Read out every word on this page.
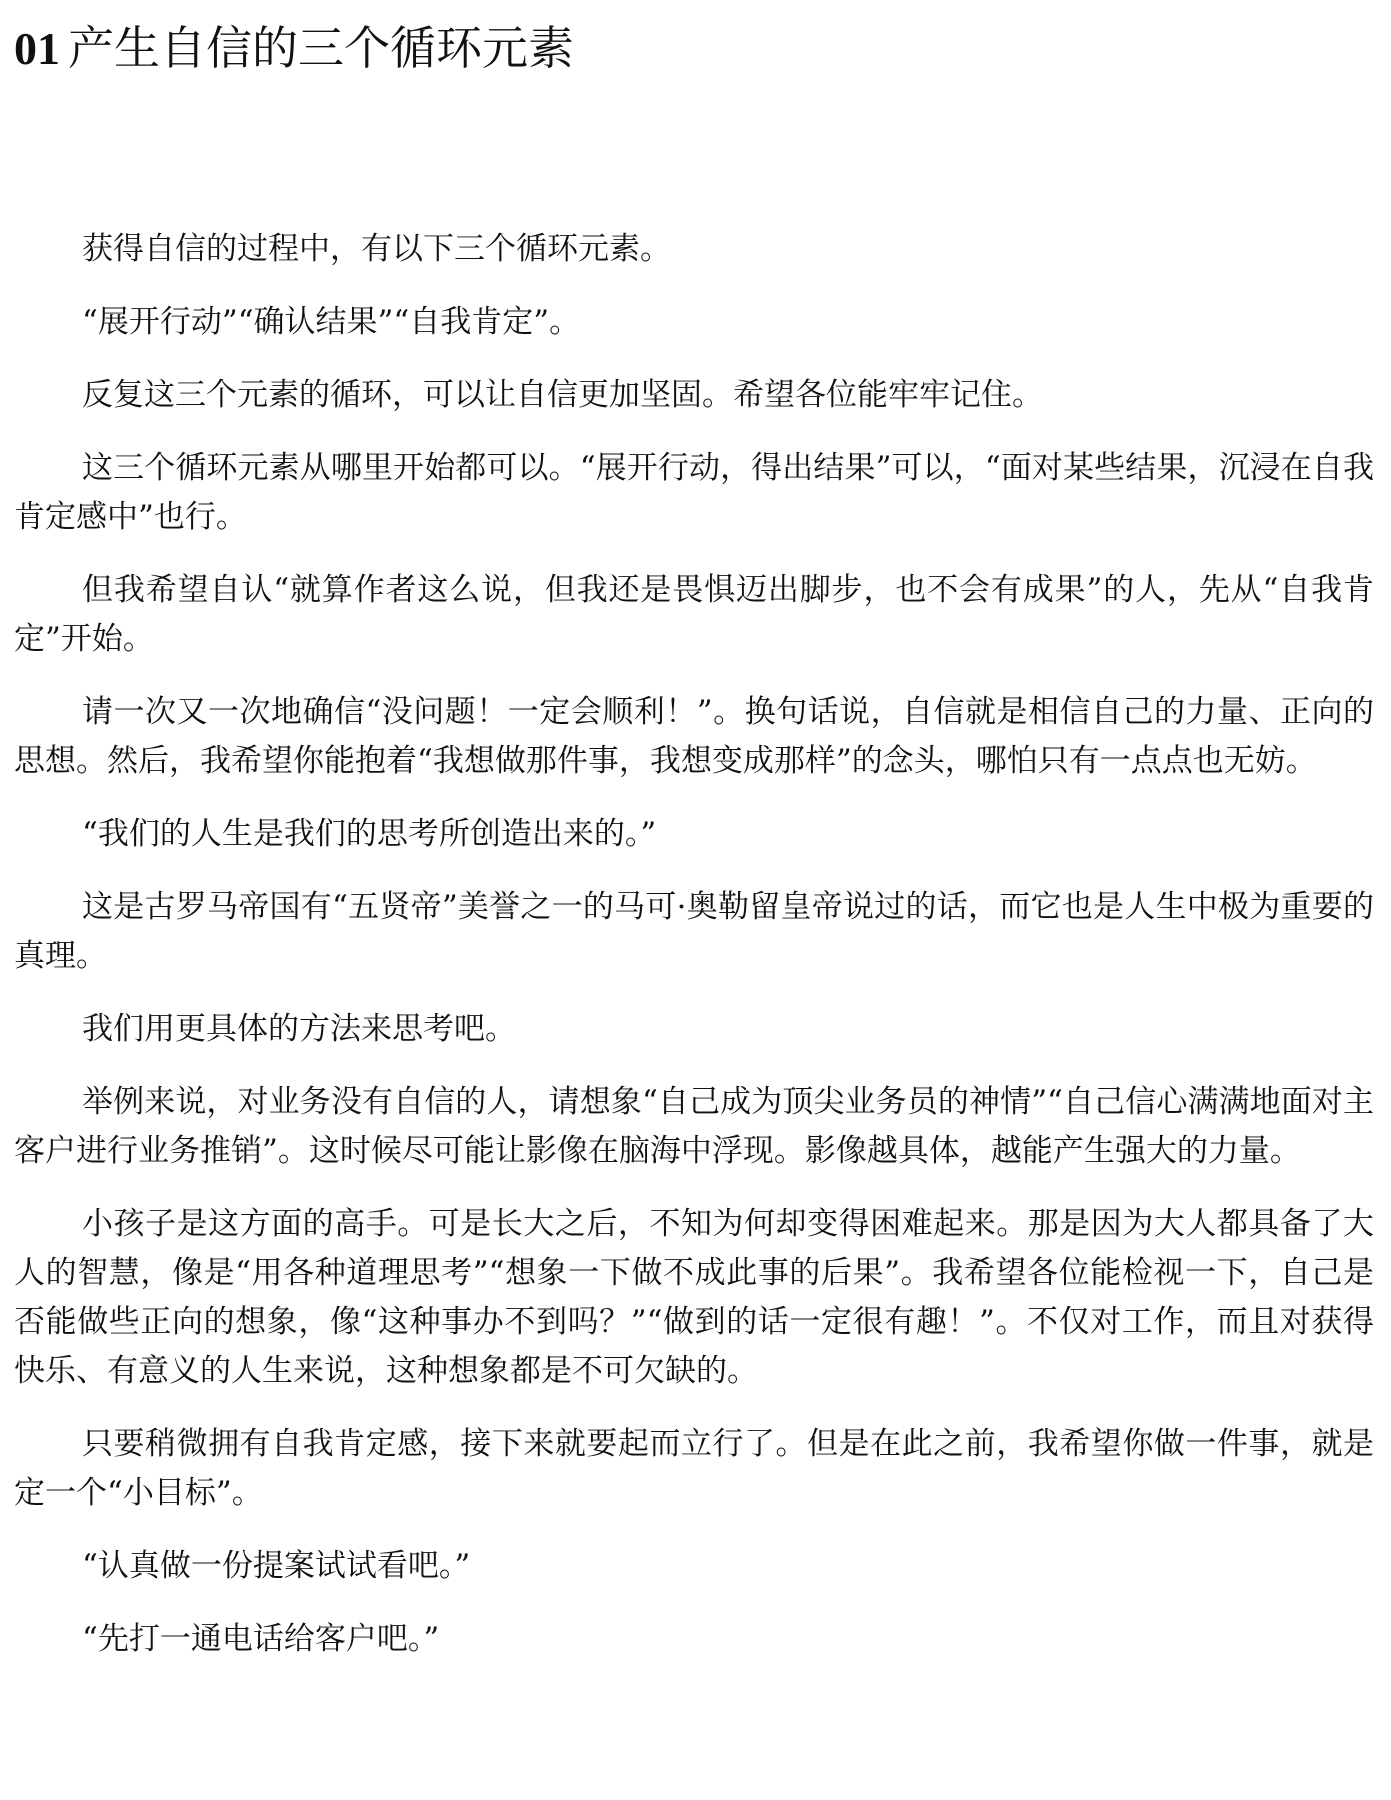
01 产生自信的三个循环元素

获得自信的过程中，有以下三个循环元素。

“展开行动”“确认结果”“自我肯定”。

反复这三个元素的循环，可以让自信更加坚固。希望各位能牢牢记住。

这三个循环元素从哪里开始都可以。“展开行动，得出结果”可以，“面对某些结果，沉浸在自我肯定感中”也行。

但我希望自认“就算作者这么说，但我还是畏惧迈出脚步，也不会有成果”的人，先从“自我肯定”开始。

请一次又一次地确信“没问题！一定会顺利！”。换句话说，自信就是相信自己的力量、正向的思想。然后，我希望你能抱着“我想做那件事，我想变成那样”的念头，哪怕只有一点点也无妨。

“我们的人生是我们的思考所创造出来的。”

这是古罗马帝国有“五贤帝”美誉之一的马可·奥勒留皇帝说过的话，而它也是人生中极为重要的真理。

我们用更具体的方法来思考吧。

举例来说，对业务没有自信的人，请想象“自己成为顶尖业务员的神情”“自己信心满满地面对主客户进行业务推销”。这时候尽可能让影像在脑海中浮现。影像越具体，越能产生强大的力量。

小孩子是这方面的高手。可是长大之后，不知为何却变得困难起来。那是因为大人都具备了大人的智慧，像是“用各种道理思考”“想象一下做不成此事的后果”。我希望各位能检视一下，自己是否能做些正向的想象，像“这种事办不到吗？”“做到的话一定很有趣！”。不仅对工作，而且对获得快乐、有意义的人生来说，这种想象都是不可欠缺的。

只要稍微拥有自我肯定感，接下来就要起而立行了。但是在此之前，我希望你做一件事，就是定一个“小目标”。

“认真做一份提案试试看吧。”

“先打一通电话给客户吧。”
